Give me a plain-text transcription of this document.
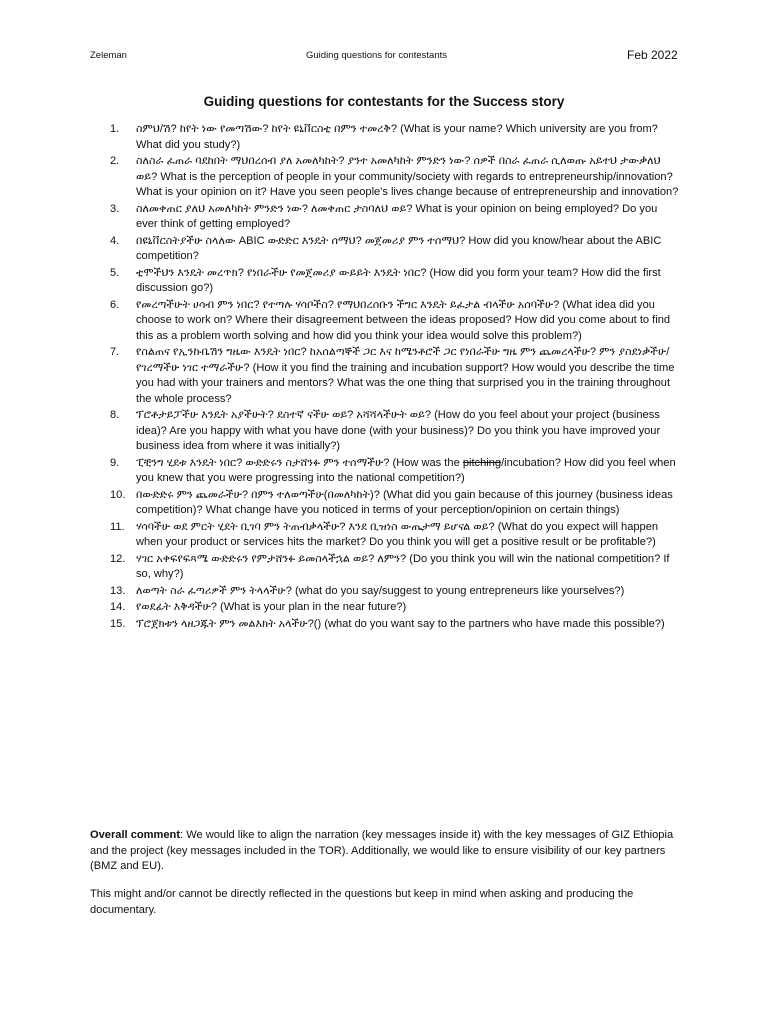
Zeleman	Guiding questions for contestants	Feb 2022
Guiding questions for contestants for the Success story
1. ስምህ/ሽ? ከየት ነው የመጣሽው? ከየት ዩኒቨርስቲ በምን ተመረቅ? (What is your name? Which university are you from? What did you study?)
2. ስለስራ ፈጠራ ባደከበት ማህበረሰብ ያለ አመለካከት? ያንተ አመለካከት ምንድን ነው? ሰዎች በስራ ፈጠራ ሲለወጡ አይተህ ታውቃለህ ወይ? What is the perception of people in your community/society with regards to entrepreneurship/innovation? What is your opinion on it? Have you seen people's lives change because of entrepreneurship and innovation?
3. ስለመቀጠር ያለህ አመለካከት ምንድን ነው? ለመቀጠር ታስባለህ ወይ? What is your opinion on being employed? Do you ever think of getting employed?
4. በዩኒቨርስትያችሁ ስላለው ABIC ውድድር እንዴት ሰማህ? መጀመሪያ ምን ተሰማህ? How did you know/hear about the ABIC competition?
5. ቲሞችህን እንዴት መረጥክ? የነበራችሁ የመጀመሪያ ውይይት እንዴት ነበር? (How did you form your team? How did the first discussion go?)
6. የመረጣችሁት ሀሳብ ምን ነበር? የተጣሉ ሃሳቦችስ? የማህበረሰቡን ችግር እንዴት ይፈታል ብላችሁ አሰባችሁ? (What idea did you choose to work on? Where their disagreement between the ideas proposed? How did you come about to find this as a problem worth solving and how did you think your idea would solve this problem?)
7. የስልጠና የኢንኩቤሽን ግዜው እንዴት ነበር? ከአሰልጣኞች ጋር እና ከሜንቶሮች ጋር የነበራችሁ ግዜ ምን ጨመረላችሁ? ምን ያስደነቃችሁ/የገረማችሁ ነገር ተማራችሁ? (How it you find the training and incubation support? How would you describe the time you had with your trainers and mentors? What was the one thing that surprised you in the training throughout the whole process?
8. ፕሮቶታይፓችሁ እንዴት አያችሁት? ደስተኛ ናችሁ ወይ? አሻሻላችሁት ወይ? (How do you feel about your project (business idea)? Are you happy with what you have done (with your business)? Do you think you have improved your business idea from where it was initially?)
9. ፒቺንግ ሂደቱ እንዴት ነበር? ውድድሩን ስታሸንፉ ምን ተሰማችሁ? (How was the pitching/incubation? How did you feel when you knew that you were progressing into the national competition?)
10. በውድድሩ ምን ጨመራችሁ? በምን ተለወጣችሁ(በመለካከት)? (What did you gain because of this journey (business ideas competition)? What change have you noticed in terms of your perception/opinion on certain things)
11. ሃሳባችሁ ወደ ምርት ሂደት ቢገባ ምን ትጠብቃላችሁ? እንደ ቢዝነስ ውጤታማ ይሆናል ወይ? (What do you expect will happen when your product or services hits the market? Do you think you will get a positive result or be profitable?)
12. ሃገር አቀፍየፍጻሜ ውድድሩን የምታሸንፉ ይመስላችኋል ወይ? ለምን? (Do you think you will win the national competition? If so, why?)
13. ለወጣት ስራ ፈጣሪዎች ምን ትላላችሁ? (what do you say/suggest to young entrepreneurs like yourselves?)
14. የወደፊት እቅዳችሁ? (What is your plan in the near future?)
15. ፕሮጀክቱን ላዘጋጁት ምን መልእክት አላችሁ?() (what do you want say to the partners who have made this possible?)
Overall comment: We would like to align the narration (key messages inside it) with the key messages of GIZ Ethiopia and the project (key messages included in the TOR). Additionally, we would like to ensure visibility of our key partners (BMZ and EU).
This might and/or cannot be directly reflected in the questions but keep in mind when asking and producing the documentary.
